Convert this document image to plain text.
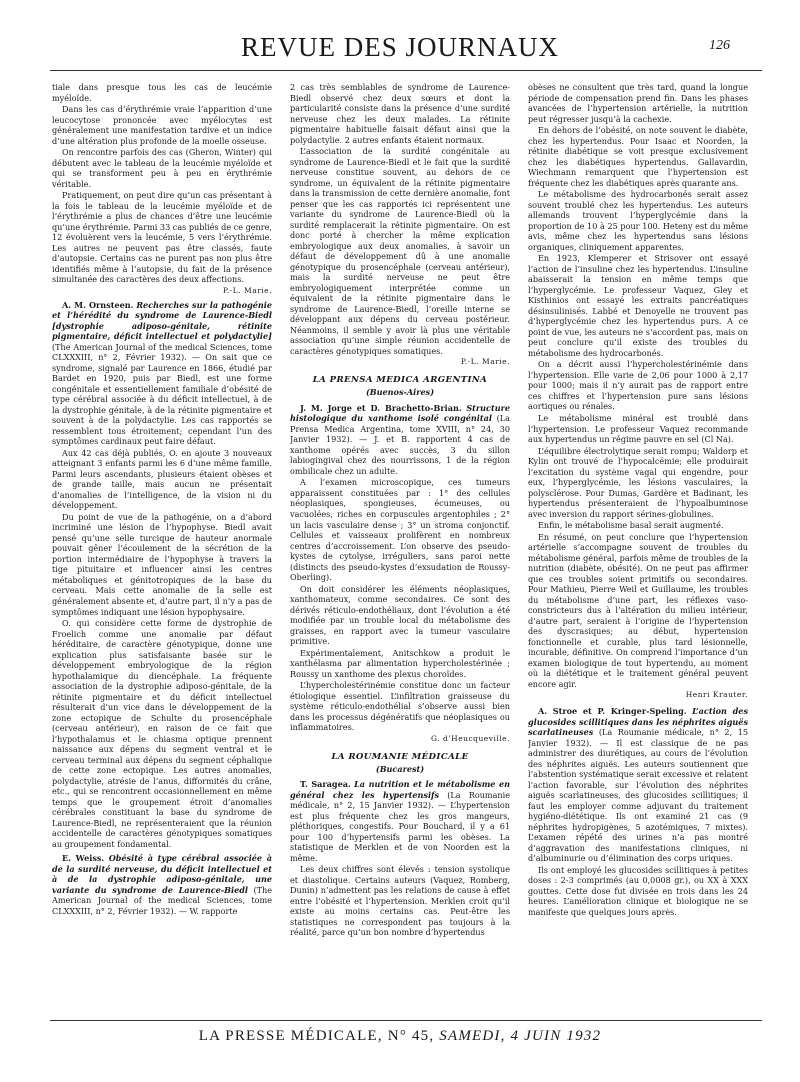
REVUE DES JOURNAUX	126

tiale dans presque tous les cas de leucémie myéloïde.

Dans les cas d’érythrémie vraie l’apparition d’une leucocytose prononcée avec myélocytes est généralement une manifestation tardive et un indice d’une altération plus profonde de la moelle osseuse.

On rencontre parfois des cas (Gheron, Winter) qui débutent avec le tableau de la leucémie myéloïde et qui se transforment peu à peu en érythrémie véritable.

Pratiquement, on peut dire qu’un cas présentant à la fois le tableau de la leucémie myéloïde et de l’érythrémie a plus de chances d’être une leucémie qu’une érythrémie. Parmi 33 cas publiés de ce genre, 12 évoluèrent vers la leucémie, 5 vers l’érythrémie. Les autres ne peuvent pas être classés, faute d’autopsie. Certains cas ne purent pas non plus être identifiés même à l’autopsie, du fait de la présence simultanée des caractères des deux affections.

P.-L. Marie.

A. M. Ornsteen. Recherches sur la pathogénie et l’hérédité du syndrome de Laurence-Biedl [dystrophie adiposo-génitale, rétinite pigmentaire, déficit intellectuel et polydactylie] (The American Journal of the medical Sciences, tome CLXXXIII, n° 2, Février 1932). — On sait que ce syndrome, signalé par Laurence en 1866, étudié par Bardet en 1920, puis par Biedl, est une forme congénitale et essentiellement familiale d’obésité de type cérébral associée à du déficit intellectuel, à de la dystrophie génitale, à de la rétinite pigmentaire et souvent à de la polydactylie. Les cas rapportés se ressemblent tous étroitement; cependant l’un des symptômes cardinaux peut faire défaut.

Aux 42 cas déjà publiés, O. en ajoute 3 nouveaux atteignant 3 enfants parmi les 6 d’une même famille. Parmi leurs ascendants, plusieurs étaient obèses et de grande taille, mais aucun ne présentait d’anomalies de l’intelligence, de la vision ni du développement.

Du point de vue de la pathogénie, on a d’abord incriminé une lésion de l’hypophyse. Biedl avait pensé qu’une selle turcique de hauteur anormale pouvait gêner l’écoulement de la sécrétion de la portion intermédiaire de l’hypophyse à travers la tige pituitaire et influencer ainsi les centres métaboliques et génitotropiques de la base du cerveau. Mais cette anomalie de la selle est généralement absente et, d’autre part, il n’y a pas de symptômes indiquant une lésion hypophysaire.

O. qui considère cette forme de dystrophie de Froelich comme une anomalie par défaut héréditaire, de caractère génotypique, donne une explication plus satisfaisante basée sur le développement embryologique de la région hypothalamique du diencéphale. La fréquente association de la dystrophie adiposo-génitale, de la rétinite pigmentaire et du déficit intellectuel résulterait d’un vice dans le développement de la zone ectopique de Schulte du prosencéphale (cerveau antérieur), en raison de ce fait que l’hypothalamus et le chiasma optique prennent naissance aux dépens du segment ventral et le cerveau terminal aux dépens du segment céphalique de cette zone ectopique. Les autres anomalies, polydactylie, atrésie de l’anus, difformités du crâne, etc., qui se rencontrent occasionnellement en même temps que le groupement étroit d’anomalies cérébrales constituant la base du syndrome de Laurence-Biedl, ne représenteraient que la réunion accidentelle de caractères génotypiques somatiques au groupement fondamental.

E. Weiss. Obésité à type cérébral associée à de la surdité nerveuse, du déficit intellectuel et à de la dystrophie adiposo-génitale, une variante du syndrome de Laurence-Biedl (The American Journal of the medical Sciences, tome CLXXXIII, n° 2, Février 1932). — W. rapporte

2 cas très semblables de syndrome de Laurence-Biedl observé chez deux sœurs et dont la particularité consiste dans la présence d’une surdité nerveuse chez les deux malades. La rétinite pigmentaire habituelle faisait défaut ainsi que la polydactylie. 2 autres enfants étaient normaux.

L’association de la surdité congénitale au syndrome de Laurence-Biedl et le fait que la surdité nerveuse constitue souvent, au dehors de ce syndrome, un équivalent de la rétinite pigmentaire dans la transmission de cette dernière anomalie, font penser que les cas rapportés ici représentent une variante du syndrome de Laurence-Biedl où la surdité remplacerait la rétinite pigmentaire. On est donc porté à chercher la même explication embryologique aux deux anomalies, à savoir un défaut de développement dû à une anomalie génotypique du prosencéphale (cerveau antérieur), mais la surdité nerveuse ne peut être embryologiquement interprétée comme un équivalent de la rétinite pigmentaire dans le syndrome de Laurence-Biedl, l’oreille interne se développant aux dépens du cerveau postérieur. Néanmoins, il semble y avoir là plus une véritable association qu’une simple réunion accidentelle de caractères génotypiques somatiques.

P.-L. Marie.
LA PRENSA MEDICA ARGENTINA
(Buenos-Aires)

J. M. Jorge et D. Brachetto-Brian. Structure histologique du xanthome isolé congénital (La Prensa Medica Argentina, tome XVIII, n° 24, 30 Janvier 1932). — J. et B. rapportent 4 cas de xanthome opérés avec succès, 3 du sillon labiogingival chez des nourrissons, 1 de la région ombilicale chez un adulte.

A l’examen microscopique, ces tumeurs apparaissent constituées par : 1° des cellules néoplasiques, spongieuses, écumeuses, ou vacuolées, riches en corpuscules argentophiles ; 2° un lacis vasculaire dense ; 3° un stroma conjonctif. Cellules et vaisseaux prolifèrent en nombreux centres d’accroissement. L’on observe des pseudo-kystes de cytolyse, irréguliers, sans paroi nette (distincts des pseudo-kystes d’exsudation de Roussy-Oberling).

On doit considérer les éléments néoplasiques, xanthomateux, comme secondaires. Ce sont des dérivés réticulo-endothéliaux, dont l’évolution a été modifiée par un trouble local du métabolisme des graisses, en rapport avec la tumeur vasculaire primitive.

Expérimentalement, Anitschkow a produit le xanthélasma par alimentation hypercholestérinée ; Roussy un xanthome des plexus choroïdes.

L’hypercholestérinémie constitue donc un facteur étiologique essentiel. L’infiltration graisseuse du système réticulo-endothélial s’observe aussi bien dans les processus dégénératifs que néoplasiques ou inflammatoires.

G. d’Heucqueville.
LA ROUMANIE MÉDICALE
(Bucarest)

T. Saragea. La nutrition et le métabolisme en général chez les hypertensifs (La Roumanie médicale, n° 2, 15 Janvier 1932). — L’hypertension est plus fréquente chez les gros mangeurs, pléthoriques, congestifs. Pour Bouchard, il y a 61 pour 100 d’hypertensifs parmi les obèses. La statistique de Merklen et de von Noorden est la même.

Les deux chiffres sont élevés : tension systolique et diastolique. Certains auteurs (Vaquez, Romberg, Dunin) n’admettent pas les relations de cause à effet entre l’obésité et l’hypertension. Merklen croit qu’il existe au moins certains cas. Peut-être les statistiques ne correspondent pas toujours à la réalité, parce qu’un bon nombre d’hypertendus

obèses ne consultent que très tard, quand la longue période de compensation prend fin. Dans les phases avancées de l’hypertension artérielle, la nutrition peut régresser jusqu’à la cachexie.

En dehors de l’obésité, on note souvent le diabète, chez les hypertendus. Pour Isaac et Noorden, la rétinite diabétique se voit presque exclusivement chez les diabétiques hypertendus. Gallavardin, Wiechmann remarquent que l’hypertension est fréquente chez les diabétiques après quarante ans.

Le métabolisme des hydrocarbonés serait assez souvent troublé chez les hypertendus. Les auteurs allemands trouvent l’hyperglycémie dans la proportion de 10 à 25 pour 100. Heteny est du même avis, même chez les hypertendus sans lésions organiques, cliniquement apparentes.

En 1923, Klemperer et Strisover ont essayé l’action de l’insuline chez les hypertendus. L’insuline abaisserait la tension en même temps que l’hyperglycémie. Le professeur Vaquez, Gley et Kisthinios ont essayé les extraits pancréatiques désinsulinisés. Labbé et Denoyelle ne trouvent pas d’hyperglycémie chez les hypertendus purs. A ce point de vue, les auteurs ne s’accordent pas, mais on peut conclure qu’il existe des troubles du métabolisme des hydrocarbonés.

On a décrit aussi l’hypercholestérinémie dans l’hypertension. Elle varie de 2,06 pour 1000 à 2,17 pour 1000; mais il n’y aurait pas de rapport entre ces chiffres et l’hypertension pure sans lésions aortiques ou rénales.

Le métabolisme minéral est troublé dans l’hypertension. Le professeur Vaquez recommande aux hypertendus un régime pauvre en sel (Cl Na).

L’équilibre électrolytique serait rompu; Waldorp et Kylin ont trouvé de l’hypocalcémie; elle produirait l’excitation du système vagal qui engendre, pour eux, l’hyperglycémie, les lésions vasculaires, la polysclérose. Pour Dumas, Gardère et Badinant, les hypertendus présenteraient de l’hypoalbuminose avec inversion du rapport sérines-globulines.

Enfin, le métabolisme basal serait augmenté.

En résumé, on peut conclure que l’hypertension artérielle s’accompagne souvent de troubles du métabolisme général, parfois même de troubles de la nutrition (diabète, obésité). On ne peut pas affirmer que ces troubles soient primitifs ou secondaires. Pour Mathieu, Pierre Weil et Guillaume, les troubles du métabolisme d’une part, les réflexes vaso-constricteurs dus à l’altération du milieu intérieur, d’autre part, seraient à l’origine de l’hypertension des dyscrasiques; au début, hypertension fonctionnelle et curable, plus tard lésionnelle, incurable, définitive. On comprend l’importance d’un examen biologique de tout hypertendu, au moment où la diététique et le traitement général peuvent encore agir.

Henri Krauter.

A. Stroe et P. Kringer-Speling. L’action des glucosides scillitiques dans les néphrites aiguës scarlatineuses (La Roumanie médicale, n° 2, 15 Janvier 1932). — Il est classique de ne pas administrer des diurétiques, au cours de l’évolution des néphrites aiguës. Les auteurs soutiennent que l’abstention systématique serait excessive et relatent l’action favorable, sur l’évolution des néphrites aiguës scarlatineuses, des glucosides scillitiques; il faut les employer comme adjuvant du traitement hygiéno-diététique. Ils ont examiné 21 cas (9 néphrites hydropigènes, 5 azotémiques, 7 mixtes). L’examen répété des urines n’a pas montré d’aggravation des manifestations cliniques, ni d’albuminurie ou d’élimination des corps uriques.

Ils ont employé les glucosides scillitiques à petites doses : 2-3 comprimés (au 0,0008 gr.), ou XX à XXX gouttes. Cette dose fut divisée en trois dans les 24 heures. L’amélioration clinique et biologique ne se manifeste que quelques jours après.

LA PRESSE MÉDICALE, N° 45, SAMEDI, 4 JUIN 1932
